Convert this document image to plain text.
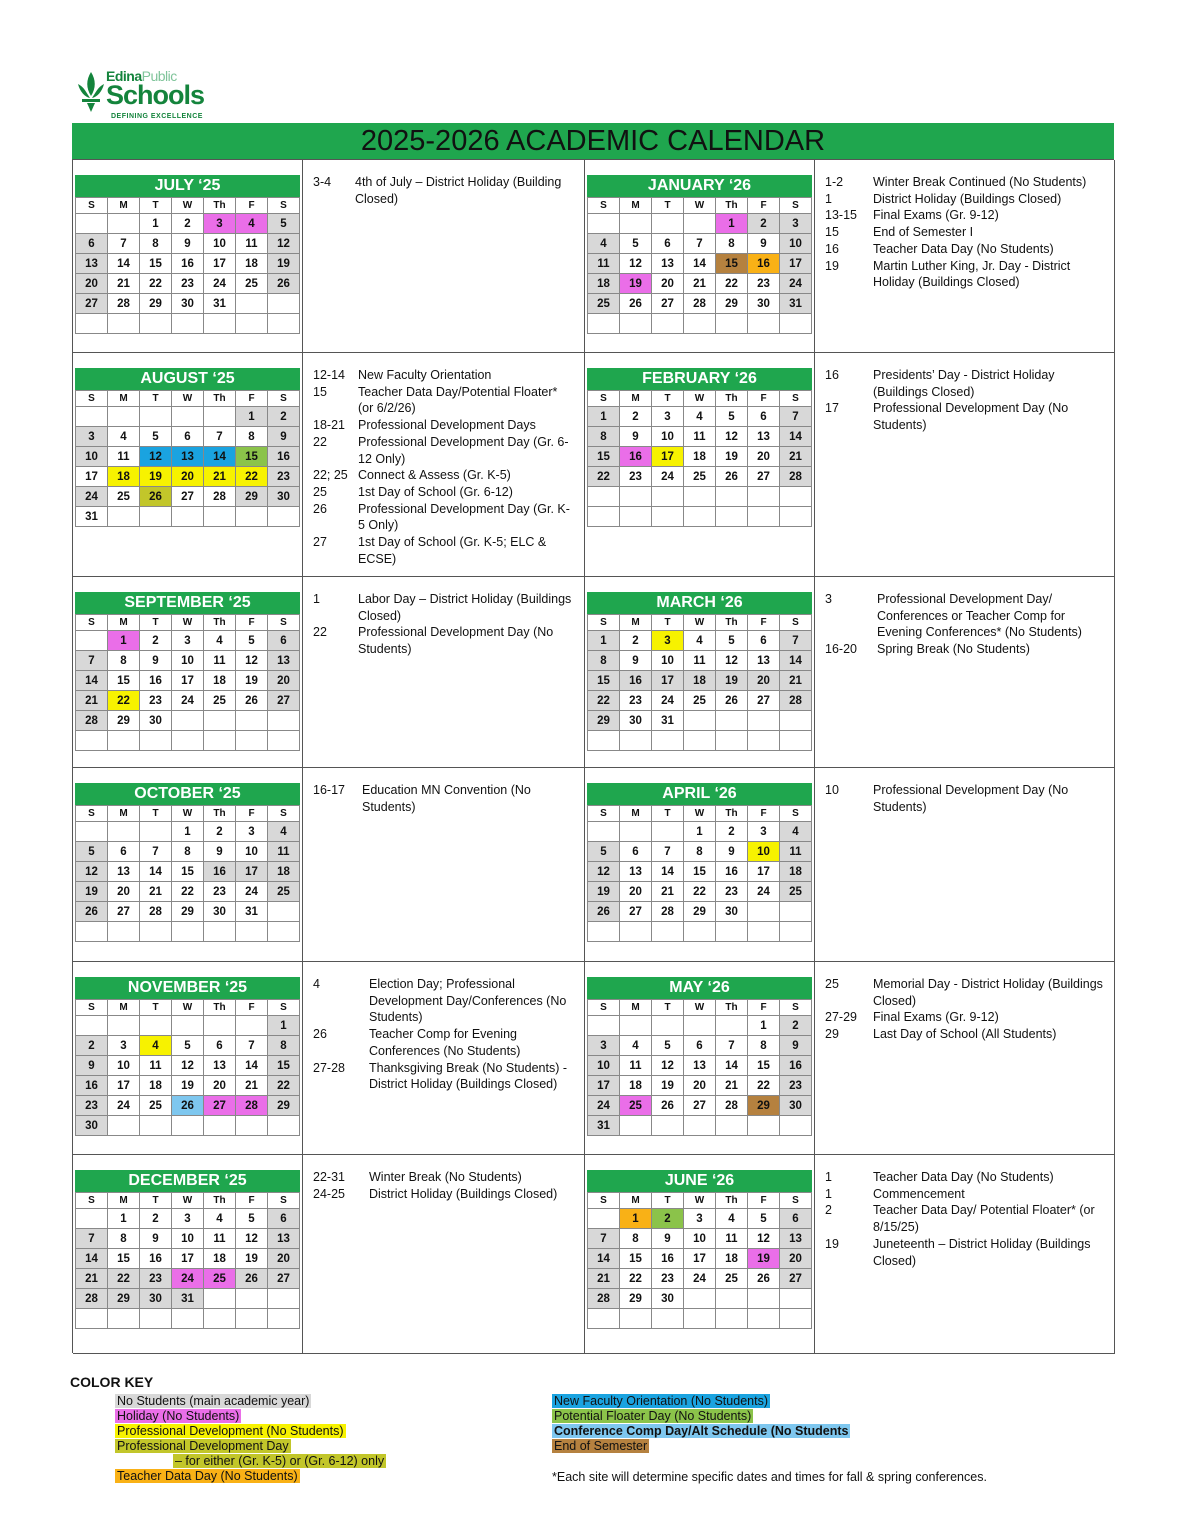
EdinaPublic
Schools
DEFINING EXCELLENCE
2025-2026 ACADEMIC CALENDAR
JULY ‘25
S	M	T	W	Th	F	S
		1	2	3	4	5
6	7	8	9	10	11	12
13	14	15	16	17	18	19
20	21	22	23	24	25	26
27	28	29	30	31		

3-4	4th of July – District Holiday (Building Closed)
JANUARY ‘26
S	M	T	W	Th	F	S
				1	2	3
4	5	6	7	8	9	10
11	12	13	14	15	16	17
18	19	20	21	22	23	24
25	26	27	28	29	30	31

1-2	Winter Break Continued (No Students)
1	District Holiday (Buildings Closed)
13-15	Final Exams (Gr. 9-12)
15	End of Semester I
16	Teacher Data Day (No Students)
19	Martin Luther King, Jr. Day - District Holiday (Buildings Closed)
AUGUST ‘25
S	M	T	W	Th	F	S
					1	2
3	4	5	6	7	8	9
10	11	12	13	14	15	16
17	18	19	20	21	22	23
24	25	26	27	28	29	30
31						
12-14	New Faculty Orientation
15	Teacher Data Day/Potential Floater* (or 6/2/26)
18-21	Professional Development Days
22	Professional Development Day (Gr. 6-12 Only)
22; 25 Connect & Assess (Gr. K-5)
25	1st Day of School (Gr. 6-12)
26	Professional Development Day (Gr. K-5 Only)
27	1st Day of School (Gr. K-5; ELC & ECSE)
FEBRUARY ‘26
S	M	T	W	Th	F	S
1	2	3	4	5	6	7
8	9	10	11	12	13	14
15	16	17	18	19	20	21
22	23	24	25	26	27	28

16	Presidents’ Day - District Holiday (Buildings Closed)
17	Professional Development Day (No Students)
SEPTEMBER ‘25
S	M	T	W	Th	F	S
	1	2	3	4	5	6
7	8	9	10	11	12	13
14	15	16	17	18	19	20
21	22	23	24	25	26	27
28	29	30				

1	Labor Day – District Holiday (Buildings Closed)
22	Professional Development Day (No Students)
MARCH ‘26
S	M	T	W	Th	F	S
1	2	3	4	5	6	7
8	9	10	11	12	13	14
15	16	17	18	19	20	21
22	23	24	25	26	27	28
29	30	31				

3	Professional Development Day/ Conferences or Teacher Comp for Evening Conferences* (No Students)
16-20	Spring Break (No Students)
OCTOBER ‘25
S	M	T	W	Th	F	S
			1	2	3	4
5	6	7	8	9	10	11
12	13	14	15	16	17	18
19	20	21	22	23	24	25
26	27	28	29	30	31	

16-17	Education MN Convention (No Students)
APRIL ‘26
S	M	T	W	Th	F	S
			1	2	3	4
5	6	7	8	9	10	11
12	13	14	15	16	17	18
19	20	21	22	23	24	25
26	27	28	29	30		

10	Professional Development Day (No Students)
NOVEMBER ‘25
S	M	T	W	Th	F	S
						1
2	3	4	5	6	7	8
9	10	11	12	13	14	15
16	17	18	19	20	21	22
23	24	25	26	27	28	29
30						
4	Election Day; Professional Development Day/Conferences (No Students)
26	Teacher Comp for Evening Conferences (No Students)
27-28	Thanksgiving Break (No Students) - District Holiday (Buildings Closed)
MAY ‘26
S	M	T	W	Th	F	S
					1	2
3	4	5	6	7	8	9
10	11	12	13	14	15	16
17	18	19	20	21	22	23
24	25	26	27	28	29	30
31						
25	Memorial Day - District Holiday (Buildings Closed)
27-29	Final Exams (Gr. 9-12)
29	Last Day of School (All Students)
DECEMBER ‘25
S	M	T	W	Th	F	S
	1	2	3	4	5	6
7	8	9	10	11	12	13
14	15	16	17	18	19	20
21	22	23	24	25	26	27
28	29	30	31			

22-31	Winter Break (No Students)
24-25	District Holiday (Buildings Closed)
JUNE ‘26
S	M	T	W	Th	F	S
	1	2	3	4	5	6
7	8	9	10	11	12	13
14	15	16	17	18	19	20
21	22	23	24	25	26	27
28	29	30				

1	Teacher Data Day (No Students)
1	Commencement
2	Teacher Data Day/ Potential Floater* (or 8/15/25)
19	Juneteenth – District Holiday (Buildings Closed)
COLOR KEY
No Students (main academic year)
Holiday (No Students)
Professional Development (No Students)
Professional Development Day
– for either (Gr. K-5) or (Gr. 6-12) only
Teacher Data Day (No Students)
New Faculty Orientation (No Students)
Potential Floater Day (No Students)
Conference Comp Day/Alt Schedule (No Students
End of Semester
*Each site will determine specific dates and times for fall & spring conferences.
